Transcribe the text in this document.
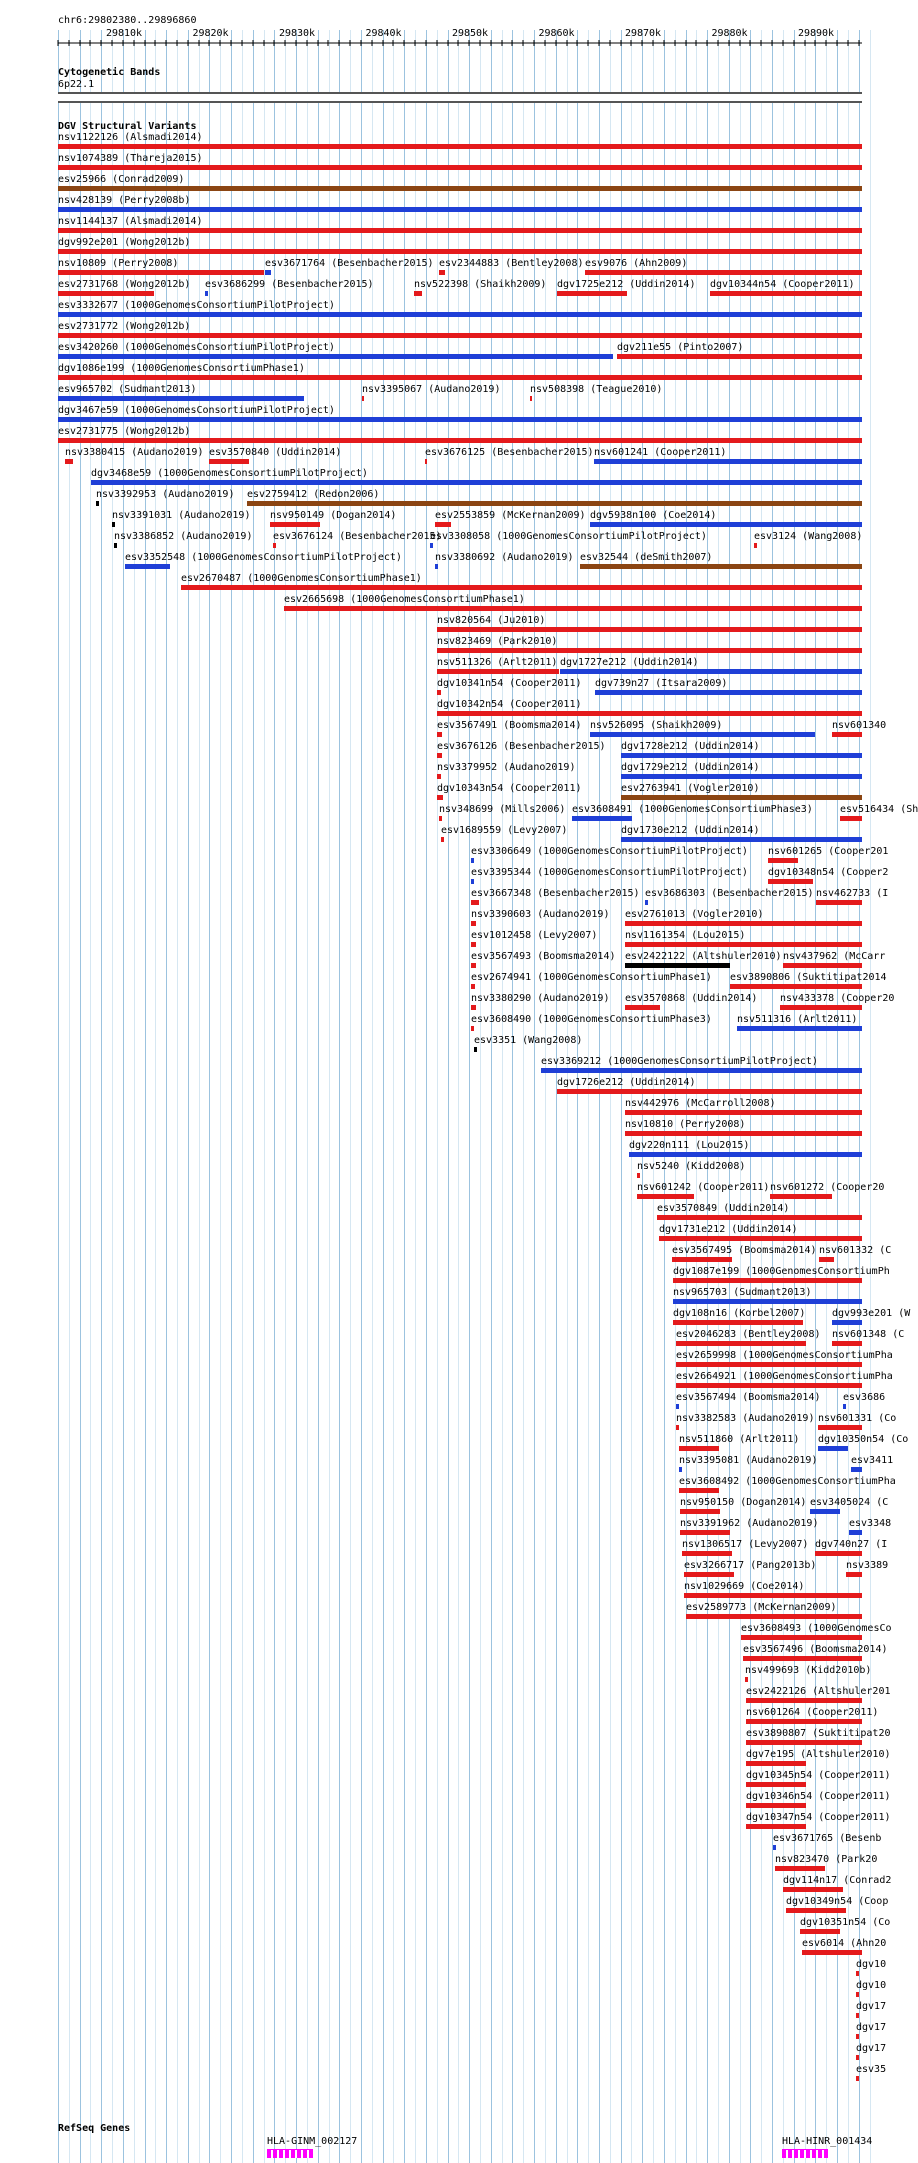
chr6:29802380..29896860
29810k	29820k	29830k	29840k	29850k	29860k	29870k	29880k	29890k
Cytogenetic Bands
6p22.1
DGV Structural Variants
nsv1122126 (Alsmadi2014)
nsv1074389 (Thareja2015)
esv25966 (Conrad2009)
nsv428139 (Perry2008b)
nsv1144137 (Alsmadi2014)
dgv992e201 (Wong2012b)
nsv10809 (Perry2008)	esv3671764 (Besenbacher2015) esv2344883 (Bentley2008) esv9076 (Ahn2009)
esv2731768 (Wong2012b) esv3686299 (Besenbacher2015)	nsv522398 (Shaikh2009) dgv1725e212 (Uddin2014) dgv10344n54 (Cooper2011)
esv3332677 (1000GenomesConsortiumPilotProject)
esv2731772 (Wong2012b)
esv3420260 (1000GenomesConsortiumPilotProject)	dgv211e55 (Pinto2007)
dgv1086e199 (1000GenomesConsortiumPhase1)
esv965702 (Sudmant2013)	nsv3395067 (Audano2019)	nsv508398 (Teague2010)
dgv3467e59 (1000GenomesConsortiumPilotProject)
esv2731775 (Wong2012b)
nsv3380415 (Audano2019) esv3570840 (Uddin2014)	esv3676125 (Besenbacher2015) nsv601241 (Cooper2011)
dgv3468e59 (1000GenomesConsortiumPilotProject)
nsv3392953 (Audano2019) esv2759412 (Redon2006)
nsv3391031 (Audano2019) nsv950149 (Dogan2014)	esv2553859 (McKernan2009) dgv5938n100 (Coe2014)
nsv3386852 (Audano2019) esv3676124 (Besenbacher2015)
esv3308058 (1000GenomesConsortiumPilotProject)	esv3124 (Wang2008)
esv3352548 (1000GenomesConsortiumPilotProject)	nsv3380692 (Audano2019) esv32544 (deSmith2007)
esv2670487 (1000GenomesConsortiumPhase1)
esv2665698 (1000GenomesConsortiumPhase1)
nsv820564 (Ju2010)
nsv823469 (Park2010)
nsv511326 (Arlt2011) dgv1727e212 (Uddin2014)
dgv10341n54 (Cooper2011) dgv739n27 (Itsara2009)
dgv10342n54 (Cooper2011)
esv3567491 (Boomsma2014) nsv526095 (Shaikh2009)	nsv601340
esv3676126 (Besenbacher2015) dgv1728e212 (Uddin2014)
nsv3379952 (Audano2019)	dgv1729e212 (Uddin2014)
dgv10343n54 (Cooper2011)	esv2763941 (Vogler2010)
nsv348699 (Mills2006) esv3608491 (1000GenomesConsortiumPhase3)	esv516434 (Sh
esv1689559 (Levy2007)	dgv1730e212 (Uddin2014)
esv3306649 (1000GenomesConsortiumPilotProject) nsv601265 (Cooper201
esv3395344 (1000GenomesConsortiumPilotProject) dgv10348n54 (Cooper2
esv3667348 (Besenbacher2015) esv3686303 (Besenbacher2015) nsv462733 (I
nsv3390603 (Audano2019) esv2761013 (Vogler2010)
esv1012458 (Levy2007)	nsv1161354 (Lou2015)
esv3567493 (Boomsma2014) esv2422122 (Altshuler2010) nsv437962 (McCarr
esv2674941 (1000GenomesConsortiumPhase1) esv3890806 (Suktitipat2014
nsv3380290 (Audano2019) esv3570868 (Uddin2014) nsv433378 (Cooper20
esv3608490 (1000GenomesConsortiumPhase3)	nsv511316 (Arlt2011)
esv3351 (Wang2008)
esv3369212 (1000GenomesConsortiumPilotProject)
dgv1726e212 (Uddin2014)
nsv442976 (McCarroll2008)
nsv10810 (Perry2008)
dgv220n111 (Lou2015)
nsv5240 (Kidd2008)
nsv601242 (Cooper2011) nsv601272 (Cooper20
esv3570849 (Uddin2014)
dgv1731e212 (Uddin2014)
esv3567495 (Boomsma2014) nsv601332 (C
dgv1087e199 (1000GenomesConsortiumPh
nsv965703 (Sudmant2013)
dgv108n16 (Korbel2007)	dgv993e201 (W
esv2046283 (Bentley2008) nsv601348 (C
esv2659998 (1000GenomesConsortiumPha
esv2664921 (1000GenomesConsortiumPha
esv3567494 (Boomsma2014) esv3686
nsv3382583 (Audano2019) nsv601331 (Co
nsv511860 (Arlt2011) dgv10350n54 (Co
nsv3395081 (Audano2019)	esv3411
esv3608492 (1000GenomesConsortiumPha
nsv950150 (Dogan2014) esv3405024 (C
nsv3391962 (Audano2019)	esv3348
nsv1306517 (Levy2007) dgv740n27 (I
esv3266717 (Pang2013b)	nsv3389
nsv1029669 (Coe2014)
esv2589773 (McKernan2009)
esv3608493 (1000GenomesCo
esv3567496 (Boomsma2014)
nsv499693 (Kidd2010b)
esv2422126 (Altshuler201
nsv601264 (Cooper2011)
esv3890807 (Suktitipat20
dgv7e195 (Altshuler2010)
dgv10345n54 (Cooper2011)
dgv10346n54 (Cooper2011)
dgv10347n54 (Cooper2011)
esv3671765 (Besenb
nsv823470 (Park20
dgv114n17 (Conrad2
dgv10349n54 (Coop
dgv10351n54 (Co
esv6014 (Ahn20
dgv10
dgv10
dgv17
dgv17
dgv17
esv35
RefSeq Genes
HLA-GINM_002127	HLA-HINR_001434
